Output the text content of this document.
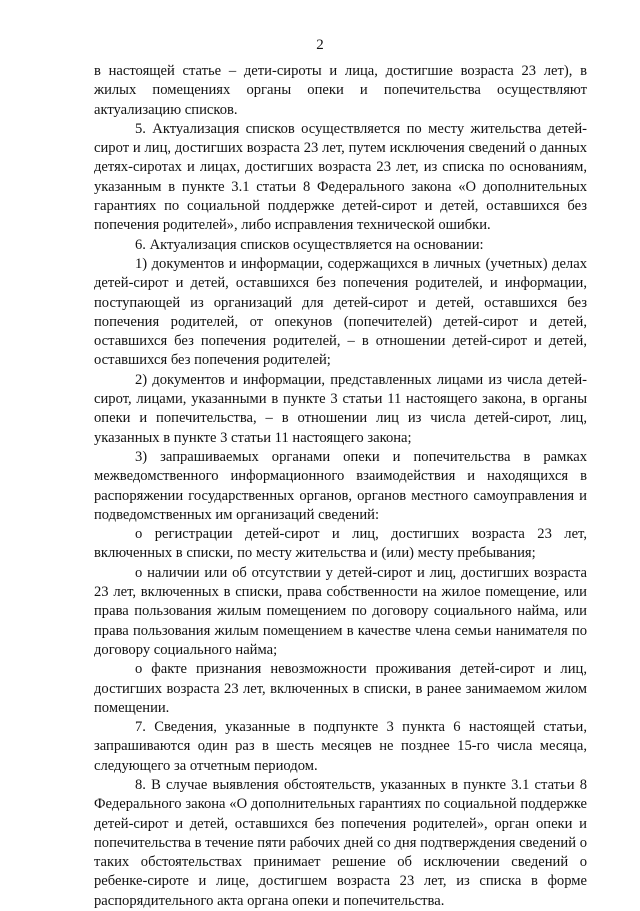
2

в настоящей статье – дети-сироты и лица, достигшие возраста 23 лет), в жилых помещениях органы опеки и попечительства осуществляют актуализацию списков.

5. Актуализация списков осуществляется по месту жительства детей-сирот и лиц, достигших возраста 23 лет, путем исключения сведений о данных детях-сиротах и лицах, достигших возраста 23 лет, из списка по основаниям, указанным в пункте 3.1 статьи 8 Федерального закона «О дополнительных гарантиях по социальной поддержке детей-сирот и детей, оставшихся без попечения родителей», либо исправления технической ошибки.

6. Актуализация списков осуществляется на основании:

1) документов и информации, содержащихся в личных (учетных) делах детей-сирот и детей, оставшихся без попечения родителей, и информации, поступающей из организаций для детей-сирот и детей, оставшихся без попечения родителей, от опекунов (попечителей) детей-сирот и детей, оставшихся без попечения родителей, – в отношении детей-сирот и детей, оставшихся без попечения родителей;

2) документов и информации, представленных лицами из числа детей-сирот, лицами, указанными в пункте 3 статьи 11 настоящего закона, в органы опеки и попечительства, – в отношении лиц из числа детей-сирот, лиц, указанных в пункте 3 статьи 11 настоящего закона;

3) запрашиваемых органами опеки и попечительства в рамках межведомственного информационного взаимодействия и находящихся в распоряжении государственных органов, органов местного самоуправления и подведомственных им организаций сведений:

о регистрации детей-сирот и лиц, достигших возраста 23 лет, включенных в списки, по месту жительства и (или) месту пребывания;

о наличии или об отсутствии у детей-сирот и лиц, достигших возраста 23 лет, включенных в списки, права собственности на жилое помещение, или права пользования жилым помещением по договору социального найма, или права пользования жилым помещением в качестве члена семьи нанимателя по договору социального найма;

о факте признания невозможности проживания детей-сирот и лиц, достигших возраста 23 лет, включенных в списки, в ранее занимаемом жилом помещении.

7. Сведения, указанные в подпункте 3 пункта 6 настоящей статьи, запрашиваются один раз в шесть месяцев не позднее 15-го числа месяца, следующего за отчетным периодом.

8. В случае выявления обстоятельств, указанных в пункте 3.1 статьи 8 Федерального закона «О дополнительных гарантиях по социальной поддержке детей-сирот и детей, оставшихся без попечения родителей», орган опеки и попечительства в течение пяти рабочих дней со дня подтверждения сведений о таких обстоятельствах принимает решение об исключении сведений о ребенке-сироте и лице, достигшем возраста 23 лет, из списка в форме распорядительного акта органа опеки и попечительства.
